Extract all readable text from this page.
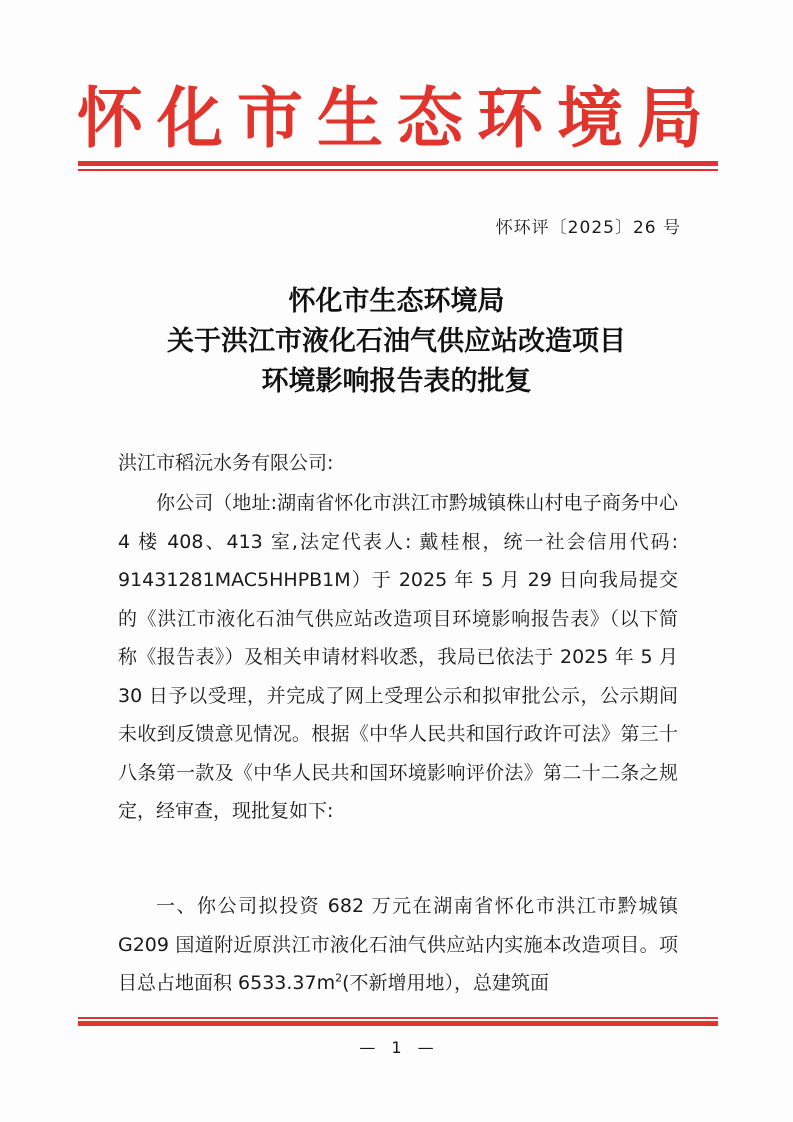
怀化市生态环境局
怀环评〔2025〕26 号
怀化市生态环境局
关于洪江市液化石油气供应站改造项目
环境影响报告表的批复
洪江市稻沅水务有限公司:
你公司（地址:湖南省怀化市洪江市黔城镇株山村电子商务中心 4 楼 408、413 室,法定代表人: 戴桂根，统一社会信用代码: 91431281MAC5HHPB1M）于 2025 年 5 月 29 日向我局提交的《洪江市液化石油气供应站改造项目环境影响报告表》（以下简称《报告表》）及相关申请材料收悉，我局已依法于 2025 年 5 月 30 日予以受理，并完成了网上受理公示和拟审批公示，公示期间未收到反馈意见情况。根据《中华人民共和国行政许可法》第三十八条第一款及《中华人民共和国环境影响评价法》第二十二条之规定，经审查，现批复如下:
一、你公司拟投资 682 万元在湖南省怀化市洪江市黔城镇 G209 国道附近原洪江市液化石油气供应站内实施本改造项目。项目总占地面积 $6533.37m^2$(不新增用地），总建筑面
— 1 —
